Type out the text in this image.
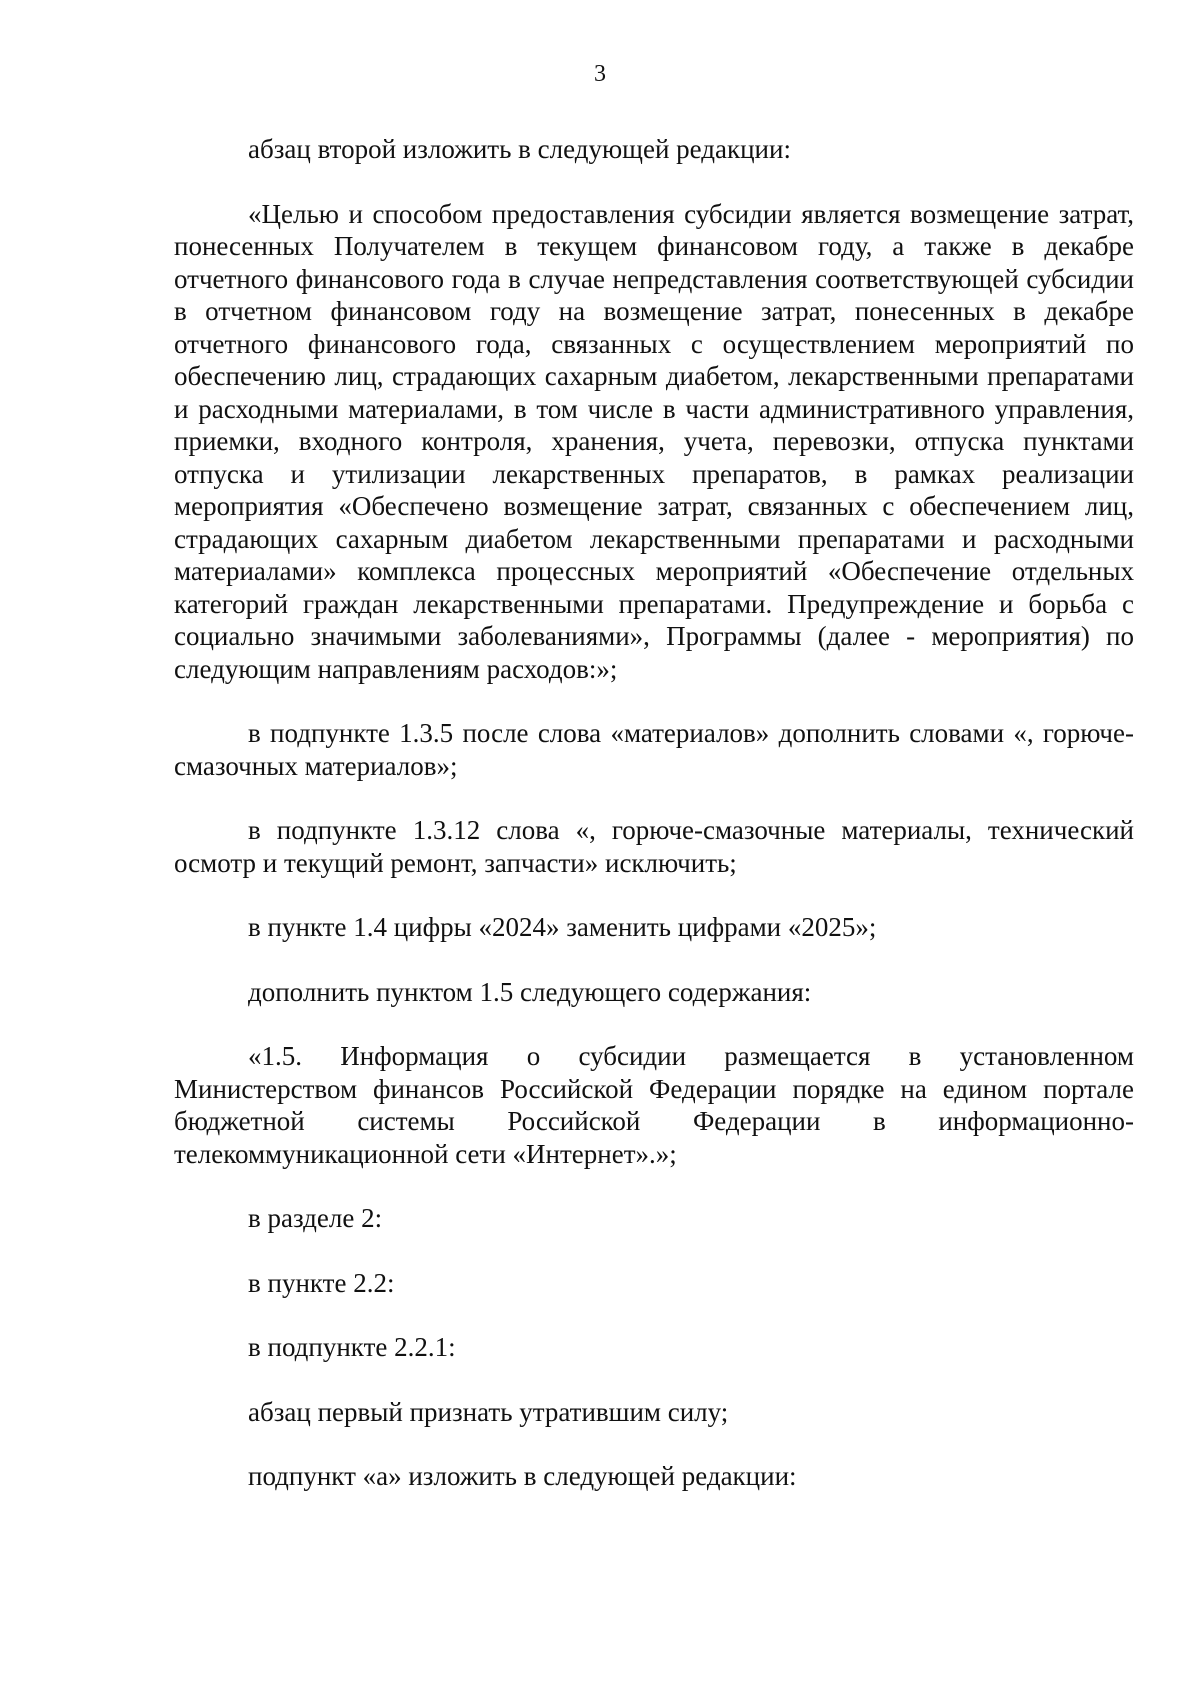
3

абзац второй изложить в следующей редакции:

«Целью и способом предоставления субсидии является возмещение затрат, понесенных Получателем в текущем финансовом году, а также в декабре отчетного финансового года в случае непредставления соответствующей субсидии в отчетном финансовом году на возмещение затрат, понесенных в декабре отчетного финансового года, связанных с осуществлением мероприятий по обеспечению лиц, страдающих сахарным диабетом, лекарственными препаратами и расходными материалами, в том числе в части административного управления, приемки, входного контроля, хранения, учета, перевозки, отпуска пунктами отпуска и утилизации лекарственных препаратов, в рамках реализации мероприятия «Обеспечено возмещение затрат, связанных с обеспечением лиц, страдающих сахарным диабетом лекарственными препаратами и расходными материалами» комплекса процессных мероприятий «Обеспечение отдельных категорий граждан лекарственными препаратами. Предупреждение и борьба с социально значимыми заболеваниями», Программы (далее - мероприятия) по следующим направлениям расходов:»;

в подпункте 1.3.5 после слова «материалов» дополнить словами «, горюче-смазочных материалов»;

в подпункте 1.3.12 слова «, горюче-смазочные материалы, технический осмотр и текущий ремонт, запчасти» исключить;

в пункте 1.4 цифры «2024» заменить цифрами «2025»;

дополнить пунктом 1.5 следующего содержания:

«1.5. Информация о субсидии размещается в установленном Министерством финансов Российской Федерации порядке на едином портале бюджетной системы Российской Федерации в информационно-телекоммуникационной сети «Интернет».»;

в разделе 2:

в пункте 2.2:

в подпункте 2.2.1:

абзац первый признать утратившим силу;

подпункт «а» изложить в следующей редакции:
